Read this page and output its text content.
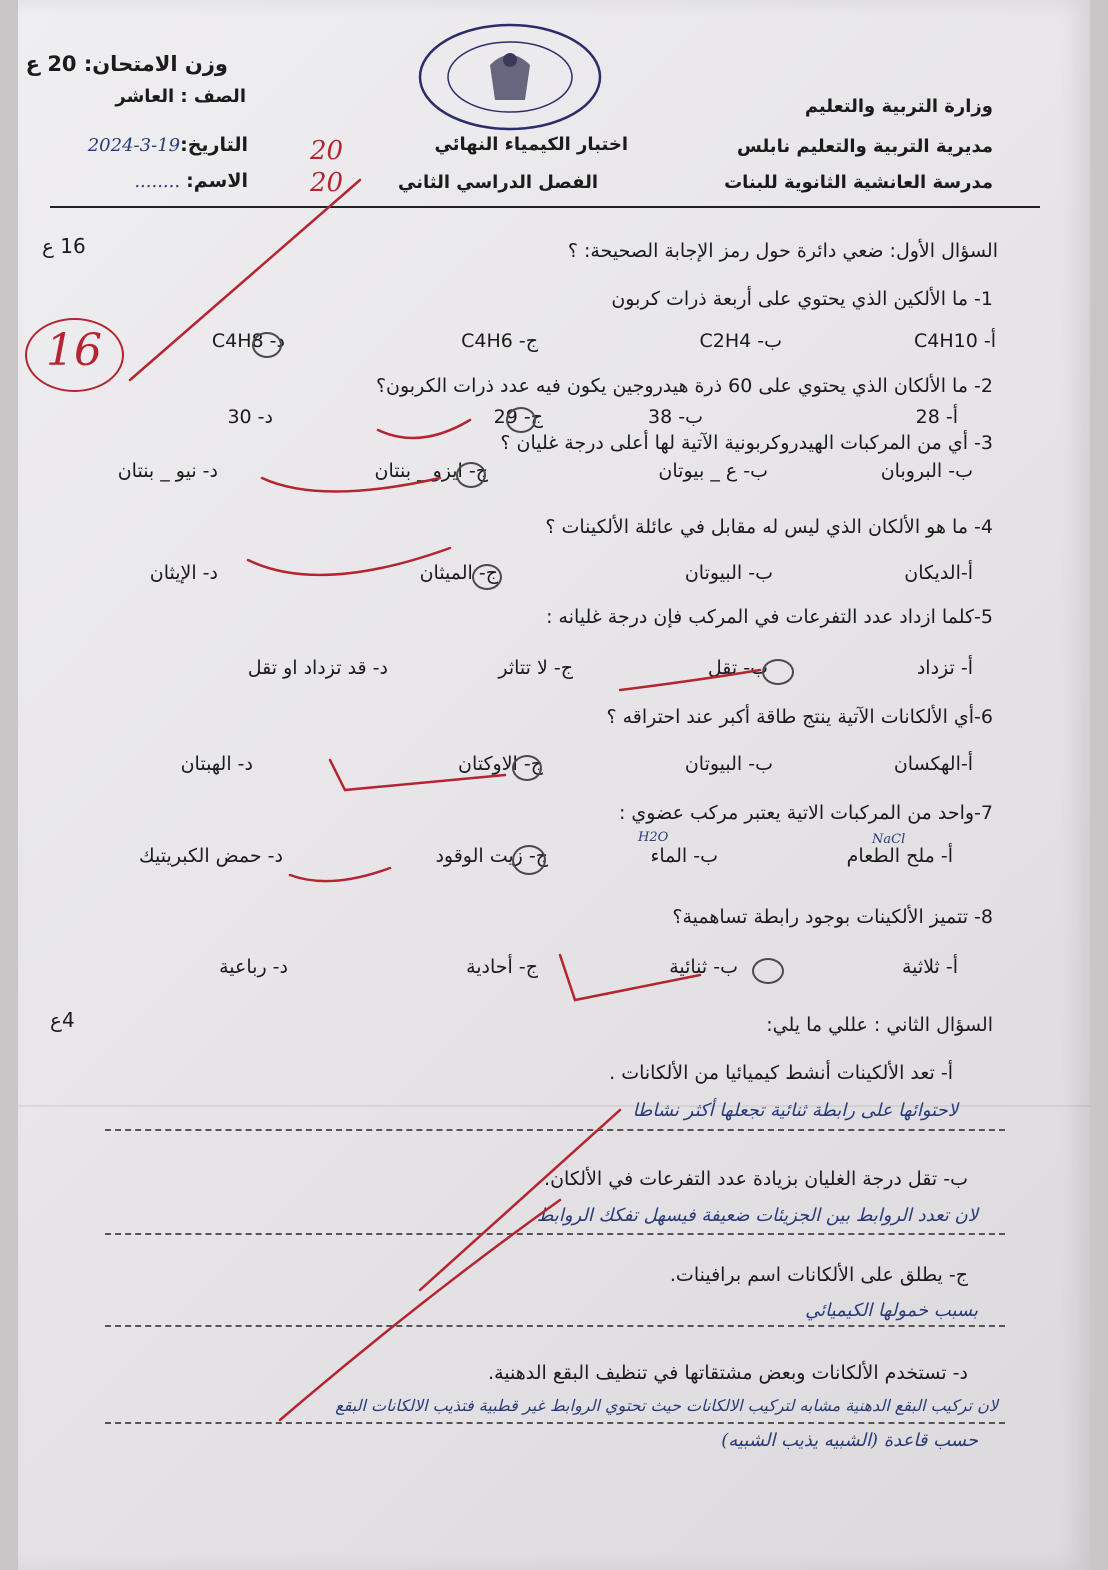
وزن الامتحان: 20 ع
الصف : العاشر
التاريخ:19-3-2024
الاسم: ........
20
20
وزارة التربية والتعليم
مديرية التربية والتعليم نابلس
مدرسة العانشية الثانوية للبنات
اختبار الكيمياء النهائي
الفصل الدراسي الثاني
السؤال الأول: ضعي دائرة حول رمز الإجابة الصحيحة: ؟
16 ع
16
1- ما الألكين الذي يحتوي على أربعة ذرات كربون
أ- C4H10
ب- C2H4
ج- C4H6
د- C4H8
2- ما الألكان الذي يحتوي على 60 ذرة هيدروجين يكون فيه عدد ذرات الكربون؟
أ- 28
ب- 38
ج- 29
د- 30
3- أي من المركبات الهيدروكربونية الآتية لها أعلى درجة غليان ؟
ب- البروبان
ب- ع _ بيوتان
ج- ايزو _ بنتان
د- نيو _ بنتان
4- ما هو الألكان الذي ليس له مقابل في عائلة الألكينات ؟
أ-الديكان
ب- البيوتان
ج- الميثان
د- الإيثان
5-كلما ازداد عدد التفرعات في المركب فإن درجة غليانه :
أ- تزداد
ب- تقل
ج- لا تتاثر
د- قد تزداد او تقل
6-أي الألكانات الآتية ينتج طاقة أكبر عند احتراقه ؟
أ-الهكسان
ب- البيوتان
ج- الاوكتان
د- الهبتان
7-واحد من المركبات الاتية يعتبر مركب عضوي :
أ- ملح الطعام
ب- الماء
ج- زيت الوقود
د- حمض الكبريتيك
NaCl
H2O
8- تتميز الألكينات بوجود رابطة تساهمية؟
أ- ثلاثية
ب- ثنائية
ج- أحادية
د- رباعية
السؤال الثاني : عللي ما يلي:
4ع
أ- تعد الألكينات أنشط كيميائيا من الألكانات .
لاحتوائها على رابطة ثنائية تجعلها أكثر نشاطا
ب- تقل درجة الغليان بزيادة عدد التفرعات في الألكان.
لان تعدد الروابط بين الجزيئات ضعيفة فيسهل تفكك الروابط
ج- يطلق على الألكانات اسم برافينات.
بسبب خمولها الكيميائي
د- تستخدم الألكانات وبعض مشتقاتها في تنظيف البقع الدهنية.
لان تركيب البقع الدهنية مشابه لتركيب الالكانات حيث تحتوي الروابط غير قطبية فتذيب الالكانات البقع
حسب قاعدة (الشبيه يذيب الشبيه)
